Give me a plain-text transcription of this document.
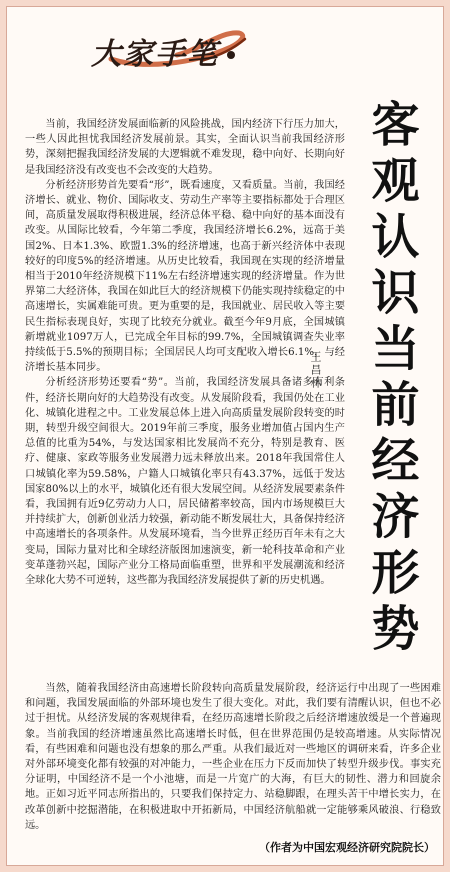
大家手笔
客观认识当前经济形势
王昌林

当前，我国经济发展面临新的风险挑战，国内经济下行压力加大，一些人因此担忧我国经济发展前景。其实，全面认识当前我国经济形势，深刻把握我国经济发展的大逻辑就不难发现，稳中向好、长期向好是我国经济没有改变也不会改变的大趋势。

分析经济形势首先要看“形”，既看速度，又看质量。当前，我国经济增长、就业、物价、国际收支、劳动生产率等主要指标都处于合理区间，高质量发展取得积极进展，经济总体平稳、稳中向好的基本面没有改变。从国际比较看，今年第二季度，我国经济增长6.2%，远高于美国2%、日本1.3%、欧盟1.3%的经济增速，也高于新兴经济体中表现较好的印度5%的经济增速。从历史比较看，我国现在实现的经济增量相当于2010年经济规模下11%左右经济增速实现的经济增量。作为世界第二大经济体，我国在如此巨大的经济规模下仍能实现持续稳定的中高速增长，实属难能可贵。更为重要的是，我国就业、居民收入等主要民生指标表现良好，实现了比较充分就业。截至今年9月底，全国城镇新增就业1097万人，已完成全年目标的99.7%，全国城镇调查失业率持续低于5.5%的预期目标；全国居民人均可支配收入增长6.1%，与经济增长基本同步。

分析经济形势还要看“势”。当前，我国经济发展具备诸多有利条件，经济长期向好的大趋势没有改变。从发展阶段看，我国仍处在工业化、城镇化进程之中。工业发展总体上进入向高质量发展阶段转变的时期，转型升级空间很大。2019年前三季度，服务业增加值占国内生产总值的比重为54%，与发达国家相比发展尚不充分，特别是教育、医疗、健康、家政等服务业发展潜力远未释放出来。2018年我国常住人口城镇化率为59.58%，户籍人口城镇化率只有43.37%，远低于发达国家80%以上的水平，城镇化还有很大发展空间。从经济发展要素条件看，我国拥有近9亿劳动力人口，居民储蓄率较高，国内市场规模巨大并持续扩大，创新创业活力较强，新动能不断发展壮大，具备保持经济中高速增长的各项条件。从发展环境看，当今世界正经历百年未有之大变局，国际力量对比和全球经济版图加速演变，新一轮科技革命和产业变革蓬勃兴起，国际产业分工格局面临重塑，世界和平发展潮流和经济全球化大势不可逆转，这些都为我国经济发展提供了新的历史机遇。

当然，随着我国经济由高速增长阶段转向高质量发展阶段，经济运行中出现了一些困难和问题，我国发展面临的外部环境也发生了很大变化。对此，我们要有清醒认识，但也不必过于担忧。从经济发展的客观规律看，在经历高速增长阶段之后经济增速放缓是一个普遍现象。当前我国的经济增速虽然比高速增长时低，但在世界范围仍是较高增速。从实际情况看，有些困难和问题也没有想象的那么严重。从我们最近对一些地区的调研来看，许多企业对外部环境变化都有较强的对冲能力，一些企业在压力下反而加快了转型升级步伐。事实充分证明，中国经济不是一个小池塘，而是一片宽广的大海，有巨大的韧性、潜力和回旋余地。正如习近平同志所指出的，只要我们保持定力、站稳脚跟，在理头苦干中增长实力，在改革创新中挖掘潜能，在积极进取中开拓新局，中国经济航船就一定能够乘风破浪、行稳致远。

（作者为中国宏观经济研究院院长）
